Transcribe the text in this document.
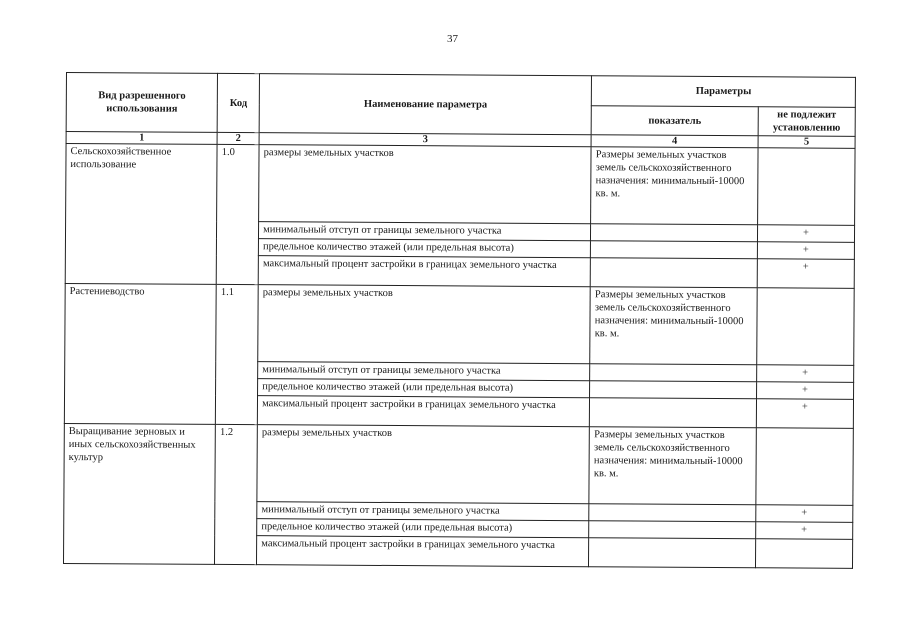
37
Вид разрешенного использования	Код	Наименование параметра	Параметры	
			показатель	не подлежит установлению
1	2	3	4	5
Сельскохозяйственное использование	1.0	размеры земельных участков	Размеры земельных участков земель сельскохозяйственного назначения: минимальный-10000 кв. м.	
		минимальный отступ от границы земельного участка		+
		предельное количество этажей (или предельная высота)		+
		максимальный процент застройки в границах земельного участка		+
Растениеводство	1.1	размеры земельных участков	Размеры земельных участков земель сельскохозяйственного назначения: минимальный-10000 кв. м.	
		минимальный отступ от границы земельного участка		+
		предельное количество этажей (или предельная высота)		+
		максимальный процент застройки в границах земельного участка		+
Выращивание зерновых и иных сельскохозяйственных культур	1.2	размеры земельных участков	Размеры земельных участков земель сельскохозяйственного назначения: минимальный-10000 кв. м.	
		минимальный отступ от границы земельного участка		+
		предельное количество этажей (или предельная высота)		+
		максимальный процент застройки в границах земельного участка		
